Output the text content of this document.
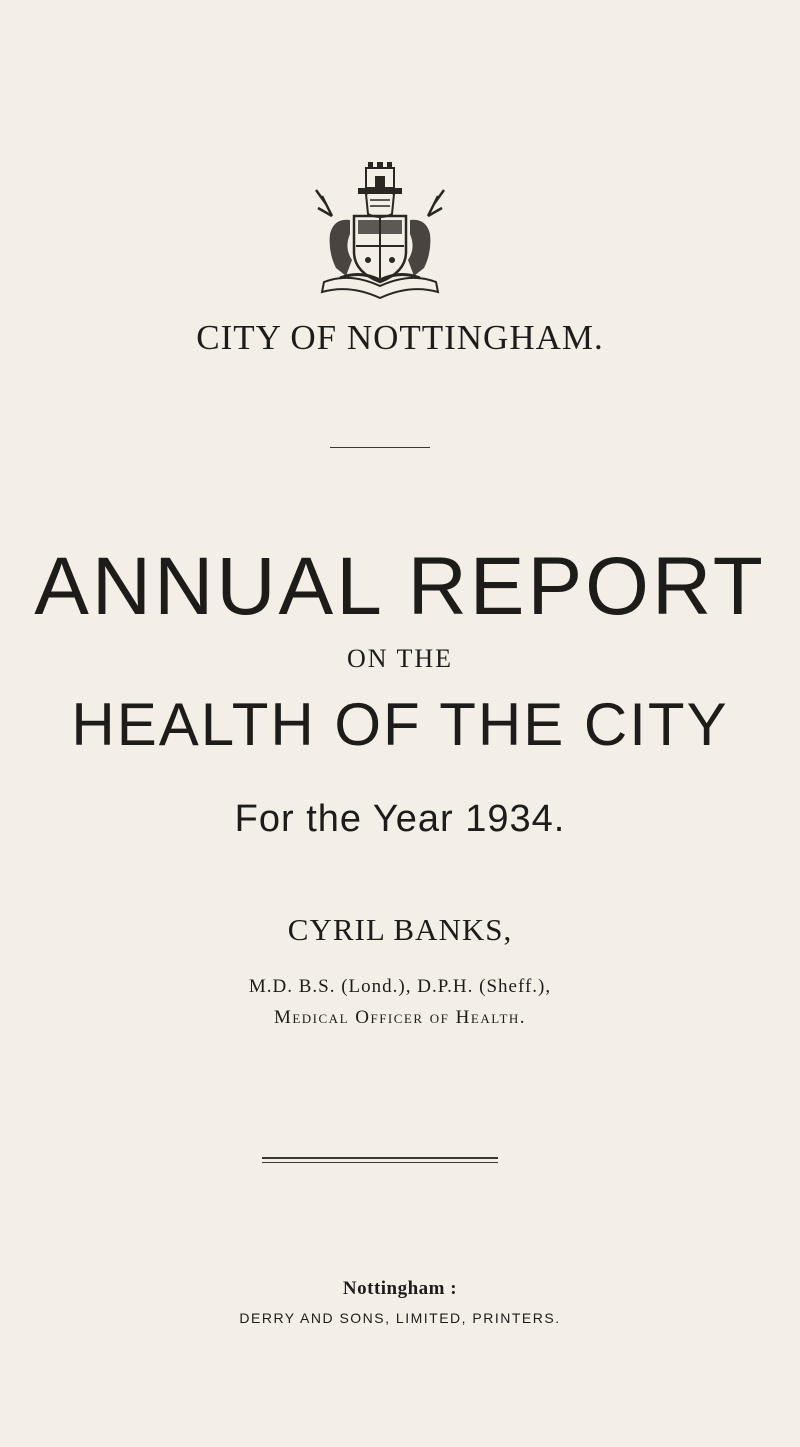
CITY OF NOTTINGHAM.
ANNUAL REPORT
ON THE
HEALTH OF THE CITY
For the Year 1934.
CYRIL BANKS,
M.D. B.S. (Lond.), D.P.H. (Sheff.),
Medical Officer of Health.
Nottingham :
DERRY AND SONS, LIMITED, PRINTERS.
